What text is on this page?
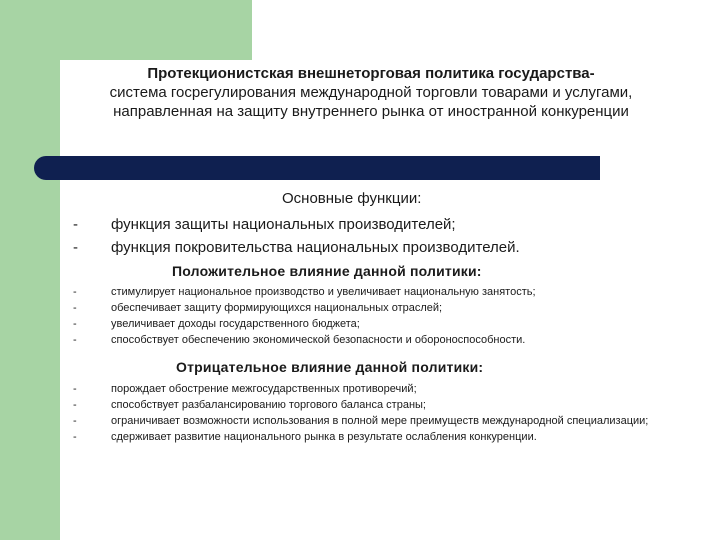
Протекционистская внешнеторговая политика государства-
система госрегулирования международной торговли товарами и услугами, направленная на защиту внутреннего рынка от иностранной конкуренции
Основные функции:
- функция защиты национальных производителей;
- функция покровительства национальных производителей.
Положительное влияние данной политики:
-	стимулирует национальное производство и увеличивает национальную занятость;
-	обеспечивает защиту формирующихся национальных отраслей;
-	увеличивает доходы государственного бюджета;
-	способствует обеспечению экономической безопасности и обороноспособности.
Отрицательное влияние данной политики:
-	порождает обострение межгосударственных противоречий;
-	способствует разбалансированию торгового баланса страны;
-	ограничивает возможности использования в полной мере преимуществ международной специализации;
-	сдерживает развитие национального рынка в результате ослабления конкуренции.
